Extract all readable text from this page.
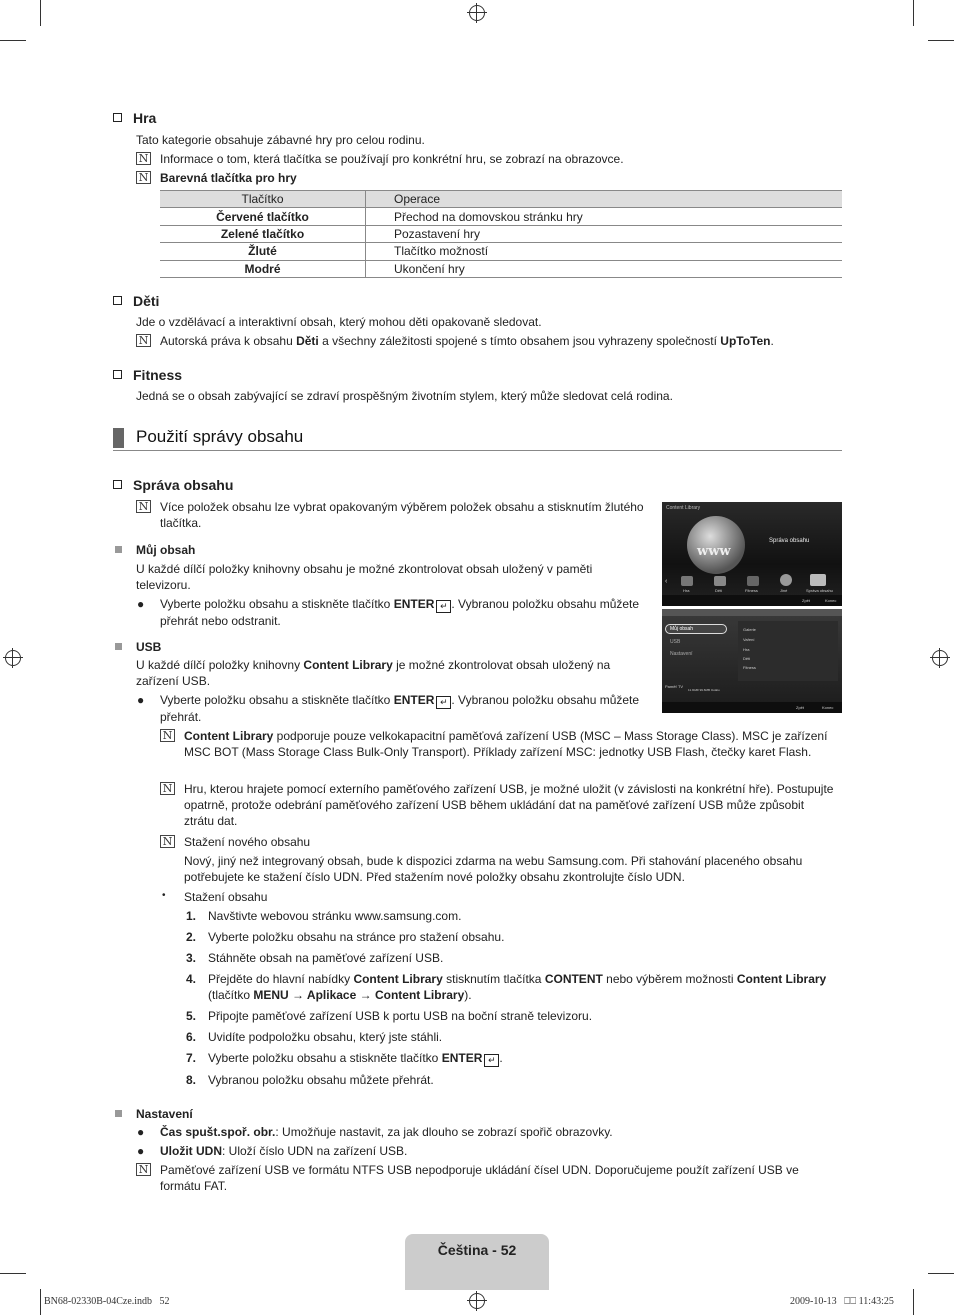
Hra
Tato kategorie obsahuje zábavné hry pro celou rodinu.
N Informace o tom, která tlačítka se používají pro konkrétní hru, se zobrazí na obrazovce.
N Barevná tlačítka pro hry
Tlačítko	Operace
Červené tlačítko	Přechod na domovskou stránku hry
Zelené tlačítko	Pozastavení hry
Žluté	Tlačítko možností
Modré	Ukončení hry
Děti
Jde o vzdělávací a interaktivní obsah, který mohou děti opakovaně sledovat.
N Autorská práva k obsahu Děti a všechny záležitosti spojené s tímto obsahem jsou vyhrazeny společností UpToTen.
Fitness
Jedná se o obsah zabývající se zdraví prospěšným životním stylem, který může sledovat celá rodina.
Použití správy obsahu
Správa obsahu
N Více položek obsahu lze vybrat opakovaným výběrem položek obsahu a stisknutím žlutého tlačítka.
Můj obsah
U každé dílčí položky knihovny obsahu je možné zkontrolovat obsah uložený v paměti televizoru.
● Vyberte položku obsahu a stiskněte tlačítko ENTER ↵ . Vybranou položku obsahu můžete přehrát nebo odstranit.
USB
U každé dílčí položky knihovny Content Library je možné zkontrolovat obsah uložený na zařízení USB.
● Vyberte položku obsahu a stiskněte tlačítko ENTER ↵ . Vybranou položku obsahu můžete přehrát.
N Content Library podporuje pouze velkokapacitní paměťová zařízení USB (MSC – Mass Storage Class). MSC je zařízení MSC BOT (Mass Storage Class Bulk-Only Transport). Příklady zařízení MSC: jednotky USB Flash, čtečky karet Flash.
N Hru, kterou hrajete pomocí externího paměťového zařízení USB, je možné uložit (v závislosti na konkrétní hře). Postupujte opatrně, protože odebrání paměťového zařízení USB během ukládání dat na paměťové zařízení USB může způsobit ztrátu dat.
N Stažení nového obsahu
Nový, jiný než integrovaný obsah, bude k dispozici zdarma na webu Samsung.com. Při stahování placeného obsahu potřebujete ke stažení číslo UDN. Před stažením nové položky obsahu zkontrolujte číslo UDN.
• Stažení obsahu
1. Navštivte webovou stránku www.samsung.com.
2. Vyberte položku obsahu na stránce pro stažení obsahu.
3. Stáhněte obsah na paměťové zařízení USB.
4. Přejděte do hlavní nabídky Content Library stisknutím tlačítka CONTENT nebo výběrem možnosti Content Library (tlačítko MENU → Aplikace → Content Library).
5. Připojte paměťové zařízení USB k portu USB na boční straně televizoru.
6. Uvidíte podpoložku obsahu, který jste stáhli.
7. Vyberte položku obsahu a stiskněte tlačítko ENTER ↵ .
8. Vybranou položku obsahu můžete přehrát.
Nastavení
● Čas spušt.spoř. obr.: Umožňuje nastavit, za jak dlouho se zobrazí spořič obrazovky.
● Uložit UDN: Uloží číslo UDN na zařízení USB.
N Paměťové zařízení USB ve formátu NTFS USB nepodporuje ukládání čísel UDN. Doporučujeme použít zařízení USB ve formátu FAT.
Content Library
www
Správa obsahu
‹
Hra	Děti	Fitness	Jiné	Správa obsahu
Zpět	Konec
Můj obsah
USB
Nastavení
Galerie
Vaření
Hra
Děti
Fitness
Paměť TV
11.9GB/ 99.6MB Izolátu
Zpět	Konec
Čeština - 52
BN68-02330B-04Cze.indb   52	2009-10-13   ⎕⎕ 11:43:25
